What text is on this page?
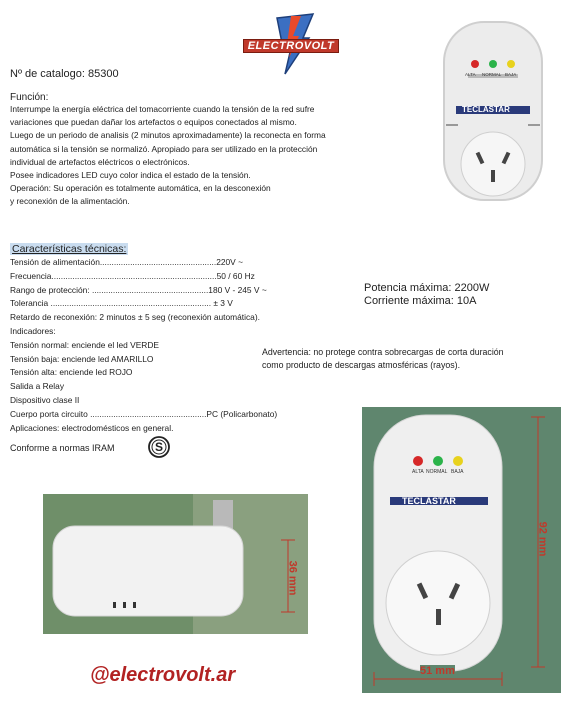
ELECTROVOLT
Nº de catalogo: 85300
Función:
Interrumpe la energía eléctrica del tomacorriente cuando la tensión de la red sufre
variaciones que puedan dañar los artefactos o equipos conectados al mismo.
Luego de un periodo de analisis (2 minutos aproximadamente) la reconecta en forma
automática si la tensión se normalizó. Apropiado para ser utilizado en la protección
individual de artefactos eléctricos o electrónicos.
Posee indicadores LED cuyo color indica el estado de la tensión.
Operación: Su operación es totalmente automática, en la desconexión
y reconexión de la alimentación.
TECLASTAR
ALTA NORMAL BAJA
Características técnicas:
Tensión de alimentación..................................................220V ~
Frecuencia.......................................................................50 / 60 Hz
Rango de protección: ..................................................180 V - 245 V ~
Tolerancia ..................................................................... ± 3 V
Retardo de reconexión: 2 minutos ± 5 seg (reconexión automática).
Indicadores:
Tensión normal: enciende el led VERDE
Tensión baja: enciende led AMARILLO
Tensión alta: enciende led ROJO
Salida a Relay
Dispositivo clase II
Cuerpo porta circuito ..................................................PC (Policarbonato)
Aplicaciones: electrodomésticos en general.
Potencia máxima: 2200W
Corriente máxima: 10A
Advertencia: no protege contra sobrecargas de corta duración
como producto de descargas atmosféricas (rayos).
Conforme a normas IRAM	S
36 mm
TECLASTAR
ALTA NORMAL BAJA
92 mm
51 mm
@electrovolt.ar
